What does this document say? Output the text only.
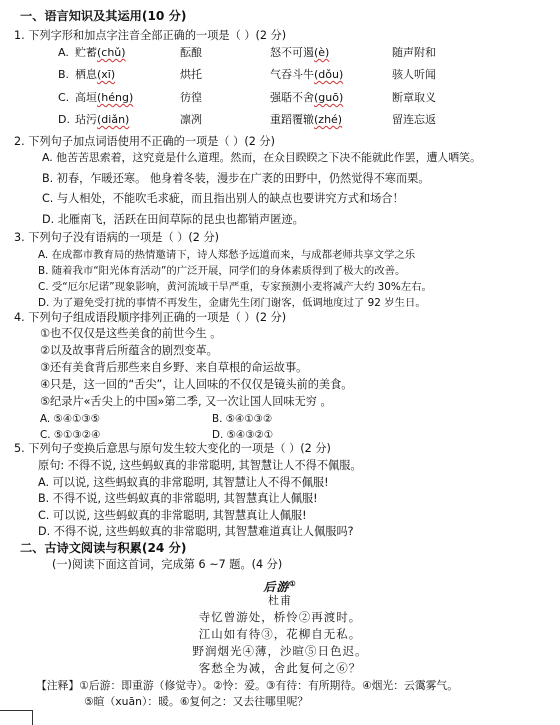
一、语言知识及其运用(10 分)
1. 下列字形和加点字注音全部正确的一项是（ ）(2 分)
A. 贮蓄(chǔ)	酝酿	怒不可遏(è)	随声附和
B. 栖息(xī)	烘托	气吞斗牛(dǒu)	骇人听闻
C. 高垣(héng)	彷徨	强聒不舍(guō)	断章取义
D. 玷污(diǎn)	凛冽	重蹈覆辙(zhé)	留连忘返
2. 下列句子加点词语使用不正确的一项是（ ）(2 分)
A. 他苦苦思索着，这究竟是什么道理。然而，在众目睽睽之下决不能就此作罢，遭人哂笑。
B. 初春，乍暖还寒。 他身着冬装，漫步在广袤的田野中，仍然觉得不寒而栗。
C. 与人相处，不能吹毛求疵，而且指出别人的缺点也要讲究方式和场合！
D. 北雁南飞，活跃在田间草际的昆虫也都销声匿迹。
3. 下列句子没有语病的一项是（ ）(2 分)
A. 在成都市教育局的热情邀请下，诗人郑愁予远道而来，与成都老师共享文学之乐
B. 随着我市“阳光体育活动”的广泛开展，同学们的身体素质得到了极大的改善。
C. 受“厄尔尼诺”现象影响，黄河流域干旱严重，专家预测小麦将减产大约 30%左右。
D. 为了避免受打扰的事情不再发生，金庸先生闭门谢客，低调地度过了 92 岁生日。
4. 下列句子组成语段顺序排列正确的一项是（ ）(2 分)
①也不仅仅是这些美食的前世今生 。
②以及故事背后所蕴含的剧烈变革。
③还有美食背后那些来自乡野、来自草根的命运故事。
④只是，这一回的“舌尖”，让人回味的不仅仅是镜头前的美食。
⑤纪录片«舌尖上的中国»第二季, 又一次让国人回味无穷 。
A. ⑤④①③⑤	B. ⑤④①③②
C. ⑤①③②④	D. ⑤④③②①
5. 下列句子变换后意思与原句发生较大变化的一项是（ ）(2 分)
原句: 不得不说, 这些蚂蚁真的非常聪明, 其智慧让人不得不佩服。
A. 可以说, 这些蚂蚁真的非常聪明, 其智慧让人不得不佩服!
B. 不得不说, 这些蚂蚁真的非常聪明, 其智慧真让人佩服!
C. 可以说, 这些蚂蚁真的非常聪明, 其智慧真让人佩服!
D. 不得不说, 这些蚂蚁真的非常聪明, 其智慧难道真让人佩服吗?
二、古诗文阅读与积累(24 分)
(一)阅读下面这首词，完成第 6 ~7 题。(4 分)
后游①
杜甫
寺忆曾游处，桥怜②再渡时。
江山如有待③，花柳自无私。
野润烟光④薄，沙暄⑤日色迟。
客愁全为减，舍此复何之⑥？
【注释】①后游：即重游（修觉寺）。②怜：爱。③有待：有所期待。④烟光：云霭雾气。
⑤暄（xuān）：暖。⑥复何之：又去往哪里呢？
